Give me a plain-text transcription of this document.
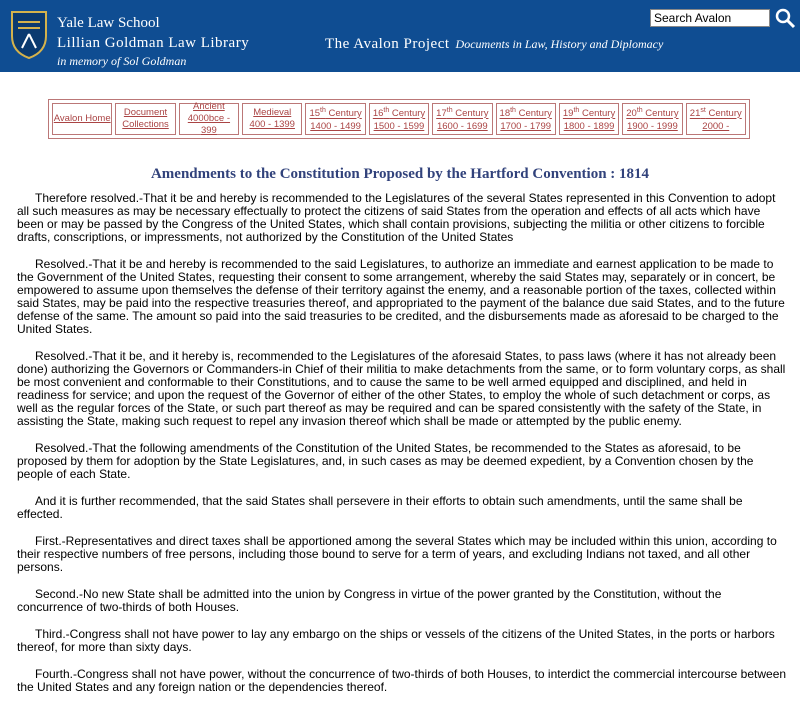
Yale Law School
Lillian Goldman Law Library
in memory of Sol Goldman
The Avalon Project Documents in Law, History and Diplomacy
Search Avalon
Avalon Home
Document
Collections
Ancient
4000bce - 399
Medieval
400 - 1399
15th Century
1400 - 1499
16th Century
1500 - 1599
17th Century
1600 - 1699
18th Century
1700 - 1799
19th Century
1800 - 1899
20th Century
1900 - 1999
21st Century
2000 -
Amendments to the Constitution Proposed by the Hartford Convention : 1814

Therefore resolved.-That it be and hereby is recommended to the Legislatures of the several States represented in this Convention to adopt all such measures as may be necessary effectually to protect the citizens of said States from the operation and effects of all acts which have been or may be passed by the Congress of the United States, which shall contain provisions, subjecting the militia or other citizens to forcible drafts, conscriptions, or impressments, not authorized by the Constitution of the United States

Resolved.-That it be and hereby is recommended to the said Legislatures, to authorize an immediate and earnest application to be made to the Government of the United States, requesting their consent to some arrangement, whereby the said States may, separately or in concert, be empowered to assume upon themselves the defense of their territory against the enemy, and a reasonable portion of the taxes, collected within said States, may be paid into the respective treasuries thereof, and appropriated to the payment of the balance due said States, and to the future defense of the same. The amount so paid into the said treasuries to be credited, and the disbursements made as aforesaid to be charged to the United States.

Resolved.-That it be, and it hereby is, recommended to the Legislatures of the aforesaid States, to pass laws (where it has not already been done) authorizing the Governors or Commanders-in Chief of their militia to make detachments from the same, or to form voluntary corps, as shall be most convenient and conformable to their Constitutions, and to cause the same to be well armed equipped and disciplined, and held in readiness for service; and upon the request of the Governor of either of the other States, to employ the whole of such detachment or corps, as well as the regular forces of the State, or such part thereof as may be required and can be spared consistently with the safety of the State, in assisting the State, making such request to repel any invasion thereof which shall be made or attempted by the public enemy.

Resolved.-That the following amendments of the Constitution of the United States, be recommended to the States as aforesaid, to be proposed by them for adoption by the State Legislatures, and, in such cases as may be deemed expedient, by a Convention chosen by the people of each State.

And it is further recommended, that the said States shall persevere in their efforts to obtain such amendments, until the same shall be effected.

First.-Representatives and direct taxes shall be apportioned among the several States which may be included within this union, according to their respective numbers of free persons, including those bound to serve for a term of years, and excluding Indians not taxed, and all other persons.

Second.-No new State shall be admitted into the union by Congress in virtue of the power granted by the Constitution, without the concurrence of two-thirds of both Houses.

Third.-Congress shall not have power to lay any embargo on the ships or vessels of the citizens of the United States, in the ports or harbors thereof, for more than sixty days.

Fourth.-Congress shall not have power, without the concurrence of two-thirds of both Houses, to interdict the commercial intercourse between the United States and any foreign nation or the dependencies thereof.
